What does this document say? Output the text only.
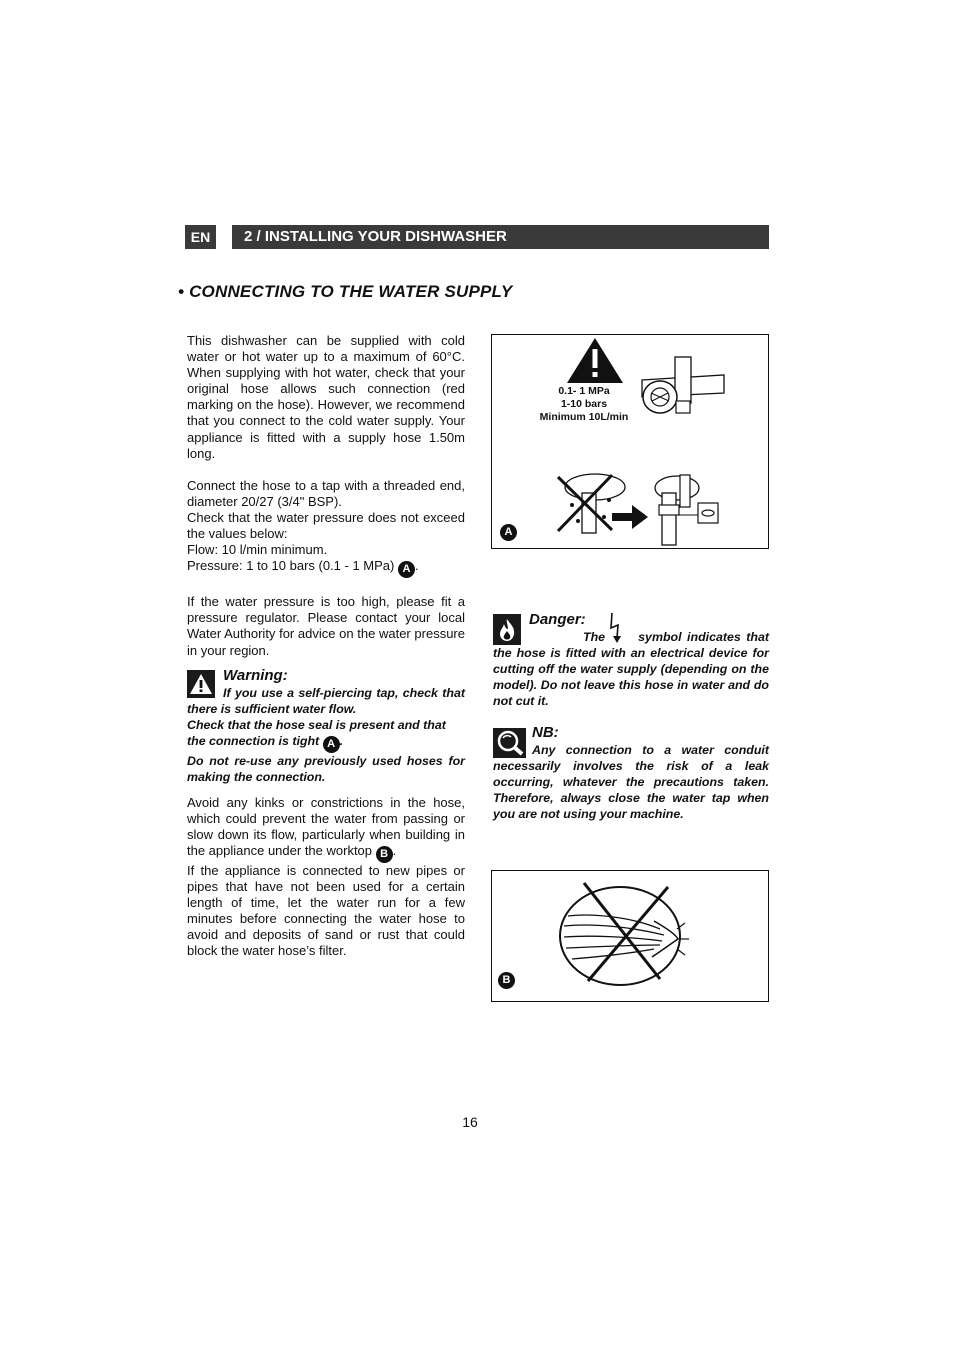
EN	2 / INSTALLING YOUR DISHWASHER
• CONNECTING TO THE WATER SUPPLY

This dishwasher can be supplied with cold water or hot water up to a maximum of 60°C. When supplying with hot water, check that your original hose allows such connection (red marking on the hose). However, we recommend that you connect to the cold water supply. Your appliance is fitted with a supply hose 1.50m long.

Connect the hose to a tap with a threaded end, diameter 20/27 (3/4" BSP).

Check that the water pressure does not exceed the values below:

Flow: 10 l/min minimum.

Pressure: 1 to 10 bars (0.1 - 1 MPa) A .

If the water pressure is too high, please fit a pressure regulator. Please contact your local Water Authority for advice on the water pressure in your region.

Warning:

If you use a self-piercing tap, check that there is sufficient water flow.

Check that the hose seal is present and that the connection is tight A .

Do not re-use any previously used hoses for making the connection.

Avoid any kinks or constrictions in the hose, which could prevent the water from passing or slow down its flow, particularly when building in the appliance under the worktop B .

If the appliance is connected to new pipes or pipes that have not been used for a certain length of time, let the water run for a few minutes before connecting the water hose to avoid and deposits of sand or rust that could block the water hose’s filter.

0.1- 1 MPa
1-10 bars
Minimum 10L/min
A
Danger:

The	symbol indicates that the hose is fitted with an electrical device for cutting off the water supply (depending on the model). Do not leave this hose in water and do not cut it.

NB:

Any connection to a water conduit necessarily involves the risk of a leak occurring, whatever the precautions taken. Therefore, always close the water tap when you are not using your machine.

B
16
